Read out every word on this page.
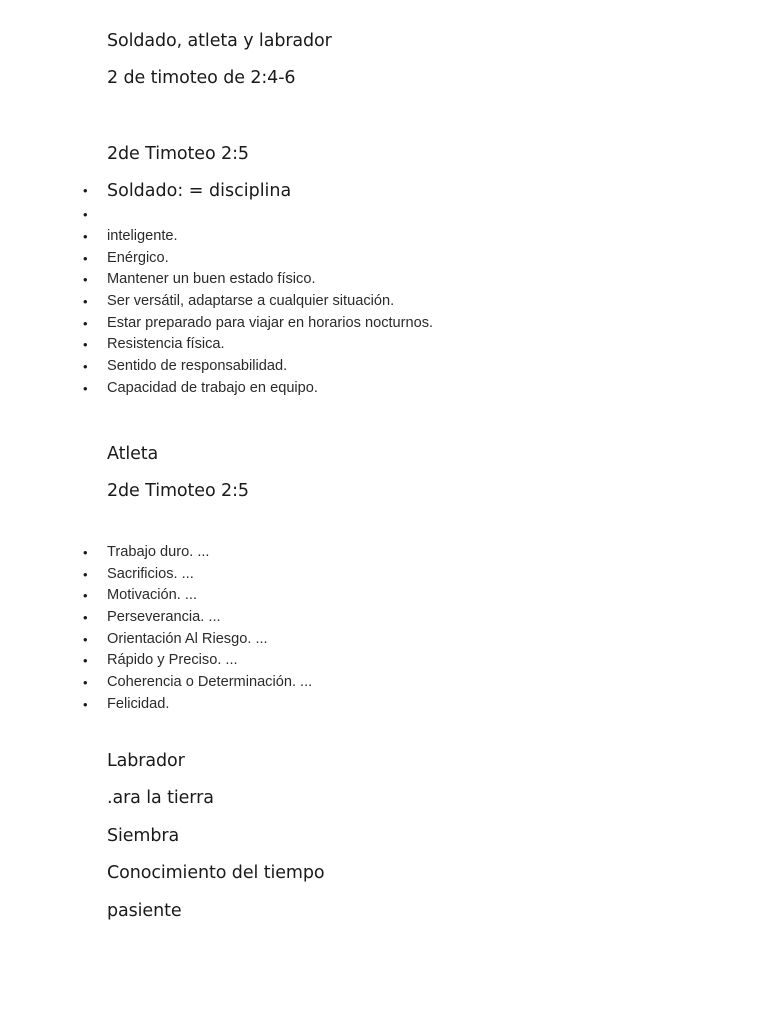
Soldado, atleta y labrador
2 de timoteo de 2:4-6
2de Timoteo 2:5
• Soldado: = disciplina
•
• inteligente.
• Enérgico.
• Mantener un buen estado físico.
• Ser versátil, adaptarse a cualquier situación.
• Estar preparado para viajar en horarios nocturnos.
• Resistencia física.
• Sentido de responsabilidad.
• Capacidad de trabajo en equipo.
Atleta
2de Timoteo 2:5
• Trabajo duro. ...
• Sacrificios. ...
• Motivación. ...
• Perseverancia. ...
• Orientación Al Riesgo. ...
• Rápido y Preciso. ...
• Coherencia o Determinación. ...
• Felicidad.
Labrador
.ara la tierra
Siembra
Conocimiento del tiempo
pasiente
